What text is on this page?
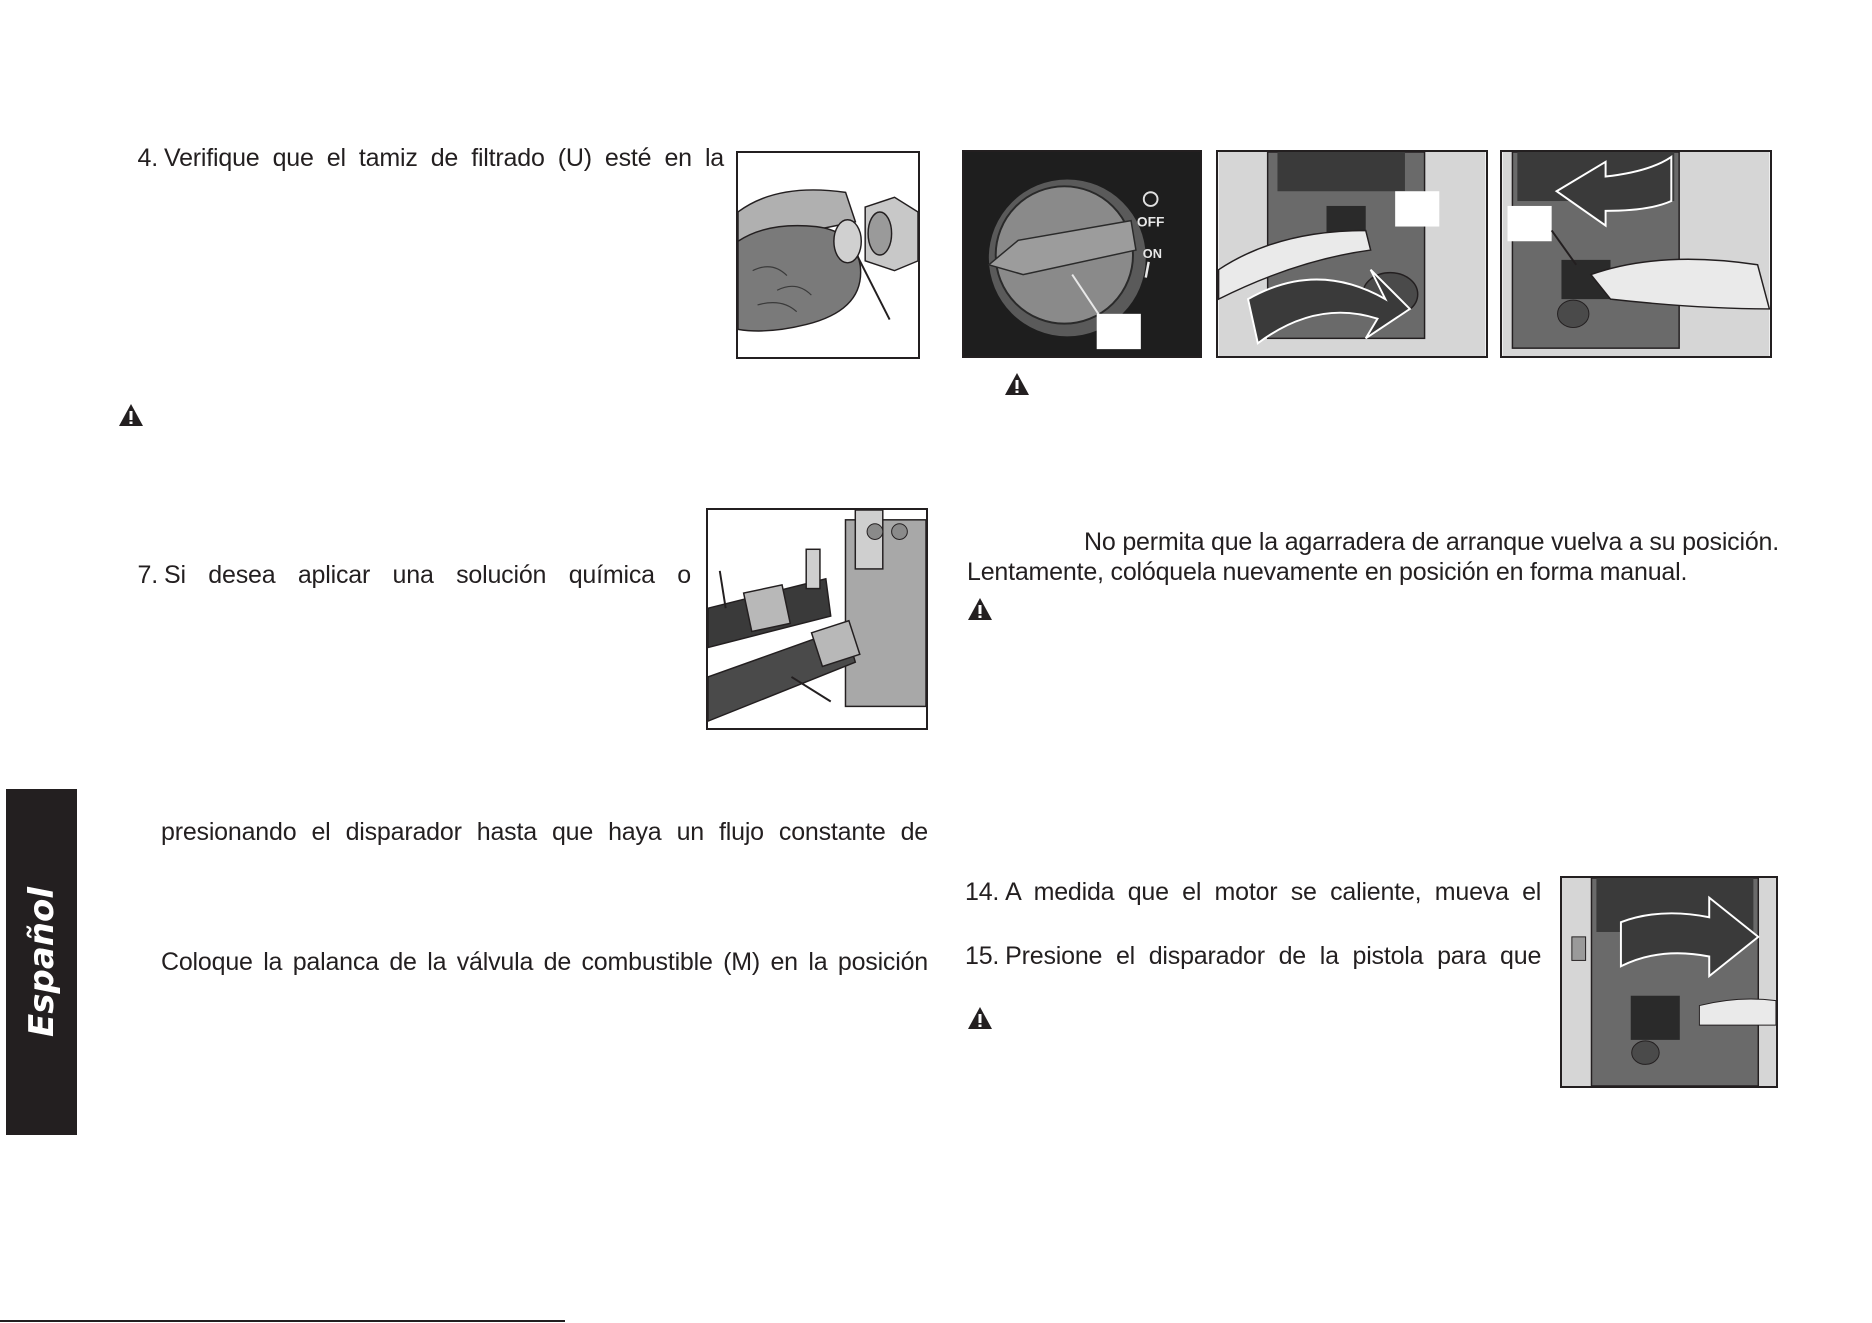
4. Verifique que el tamiz de filtrado (U) esté en la
7. Si desea aplicar una solución química o
presionando el disparador hasta que haya un flujo constante de
Coloque la palanca de la válvula de combustible (M) en la posición
Español
OFF
ON
No permita que la agarradera de arranque vuelva a su posición.
Lentamente, colóquela nuevamente en posición en forma manual.
14. A medida que el motor se caliente, mueva el
15. Presione el disparador de la pistola para que
